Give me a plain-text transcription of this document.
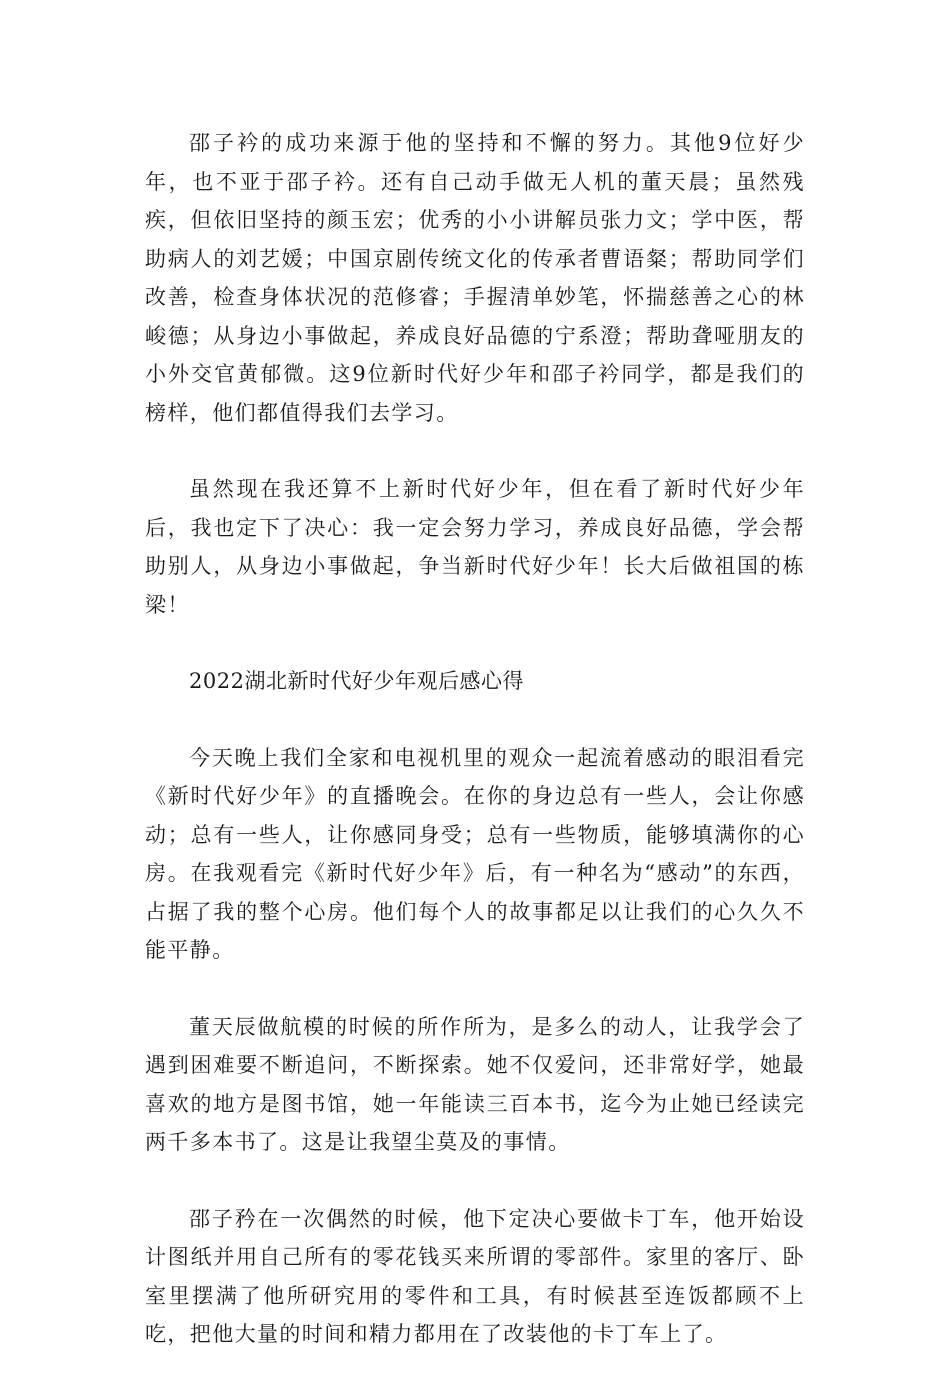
邵子衿的成功来源于他的坚持和不懈的努力。其他9位好少年，也不亚于邵子衿。还有自己动手做无人机的董天晨；虽然残疾，但依旧坚持的颜玉宏；优秀的小小讲解员张力文；学中医，帮助病人的刘艺媛；中国京剧传统文化的传承者曹语粲；帮助同学们改善，检查身体状况的范修睿；手握清单妙笔，怀揣慈善之心的林峻德；从身边小事做起，养成良好品德的宁系澄；帮助聋哑朋友的小外交官黄郁微。这9位新时代好少年和邵子衿同学，都是我们的榜样，他们都值得我们去学习。

虽然现在我还算不上新时代好少年，但在看了新时代好少年后，我也定下了决心：我一定会努力学习，养成良好品德，学会帮助别人，从身边小事做起，争当新时代好少年！长大后做祖国的栋梁！

2022湖北新时代好少年观后感心得

今天晚上我们全家和电视机里的观众一起流着感动的眼泪看完《新时代好少年》的直播晚会。在你的身边总有一些人，会让你感动；总有一些人，让你感同身受；总有一些物质，能够填满你的心房。在我观看完《新时代好少年》后，有一种名为“感动”的东西，占据了我的整个心房。他们每个人的故事都足以让我们的心久久不能平静。

董天辰做航模的时候的所作所为，是多么的动人，让我学会了遇到困难要不断追问，不断探索。她不仅爱问，还非常好学，她最喜欢的地方是图书馆，她一年能读三百本书，迄今为止她已经读完两千多本书了。这是让我望尘莫及的事情。

邵子矜在一次偶然的时候，他下定决心要做卡丁车，他开始设计图纸并用自己所有的零花钱买来所谓的零部件。家里的客厅、卧室里摆满了他所研究用的零件和工具，有时候甚至连饭都顾不上吃，把他大量的时间和精力都用在了改装他的卡丁车上了。
